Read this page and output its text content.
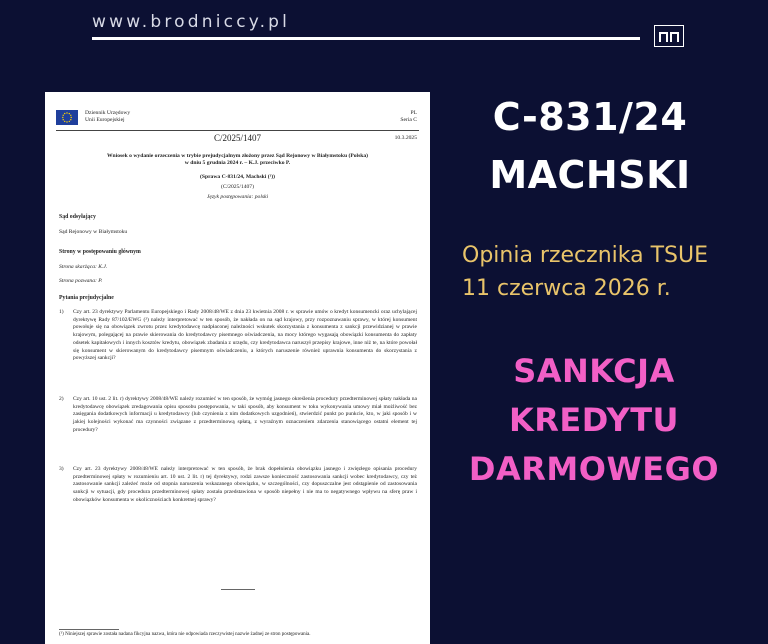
www.brodniccy.pl
Dziennik Urzędowy
Unii Europejskiej
PL
Seria C
C/2025/1407	10.3.2025
Wniosek o wydanie orzeczenia w trybie prejudycjalnym złożony przez Sąd Rejonowy w Białymstoku (Polska) w dniu 5 grudnia 2024 r. – K.J. przeciwko P.
(Sprawa C-831/24, Machski (¹))
(C/2025/1407)
Język postępowania: polski
Sąd odsyłający
Sąd Rejonowy w Białymstoku
Strony w postępowaniu głównym
Strona skarżąca: K.J.
Strona pozwana: P.
Pytania prejudycjalne
1) Czy art. 23 dyrektywy Parlamentu Europejskiego i Rady 2008/48/WE z dnia 23 kwietnia 2008 r. w sprawie umów o kredyt konsumencki oraz uchylającej dyrektywę Rady 87/102/EWG (²) należy interpretować w ten sposób, że nakłada on na sąd krajowy, przy rozpoznawaniu sprawy, w której konsument powołuje się na obowiązek zwrotu przez kredytodawcę nadpłaconej należności wskutek skorzystania z konsumenta z sankcji przewidzianej w prawie krajowym, polegającej na prawie skierowania do kredytodawcy pisemnego oświadczenia, na mocy którego wygasają obowiązki konsumenta do zapłaty odsetek kapitałowych i innych kosztów kredytu, obowiązek zbadania z urzędu, czy kredytodawca naruszył przepisy krajowe, inne niż te, na które powołał się konsument w skierowanym do kredytodawcy pisemnym oświadczeniu, a których naruszenie również uprawnia konsumenta do skorzystania z powyższej sankcji?
2) Czy art. 10 ust. 2 lit. r) dyrektywy 2008/48/WE należy rozumieć w ten sposób, że wymóg jasnego określenia procedury przedterminowej spłaty nakłada na kredytodawcę obowiązek zredagowania opisu sposobu postępowania, w taki sposób, aby konsument w toku wykonywania umowy miał możliwość bez zasięgania dodatkowych informacji u kredytodawcy (lub czynienia z nim dodatkowych uzgodnień), stwierdzić punkt po punkcie, kto, w jaki sposób i w jakiej kolejności wykonać ma czynności związane z przedterminową spłatą, z wyraźnym oznaczeniem zdarzenia stanowiącego ostatni element tej procedury?
3) Czy art. 23 dyrektywy 2008/48/WE należy interpretować w ten sposób, że brak dopełnienia obowiązku jasnego i zwięzłego opisania procedury przedterminowej spłaty w rozumieniu art. 10 ust. 2 lit. r) tej dyrektywy, rodzi zawsze konieczność zastosowania sankcji wobec kredytodawcy, czy też zastosowanie sankcji zależeć może od stopnia naruszenia wskazanego obowiązku, w szczególności, czy dopuszczalne jest odstąpienie od zastosowania sankcji w sytuacji, gdy procedura przedterminowej spłaty została przedstawiona w sposób niepełny i nie ma to negatywnego wpływu na sferę praw i obowiązków konsumenta w okolicznościach konkretnej sprawy?
(¹) Niniejszej sprawie została nadana fikcyjna nazwa, która nie odpowiada rzeczywistej nazwie żadnej ze stron postępowania.
C-831/24
MACHSKI
Opinia rzecznika TSUE
11 czerwca 2026 r.
SANKCJA
KREDYTU
DARMOWEGO
